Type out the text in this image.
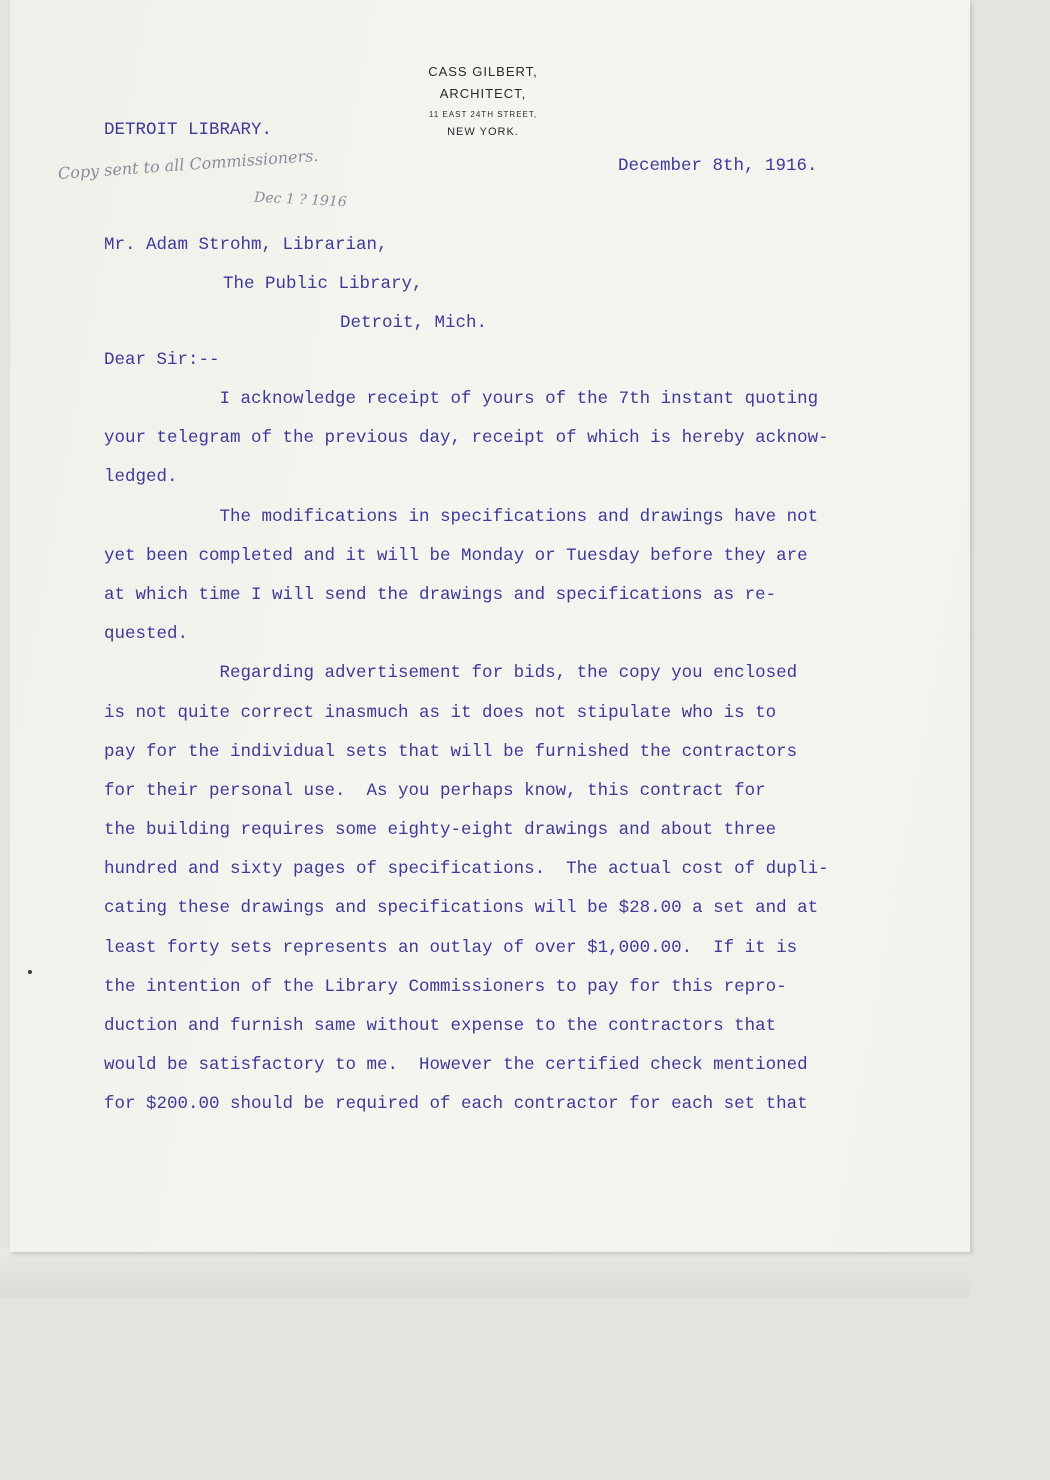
CASS GILBERT,
ARCHITECT,
11 EAST 24TH STREET,
NEW YORK.
DETROIT LIBRARY.
December 8th, 1916.
Copy sent to all Commissioners.
Dec 1 ? 1916
Mr. Adam Strohm, Librarian,
The Public Library,
Detroit, Mich.
Dear Sir:--
I acknowledge receipt of yours of the 7th instant quoting
your telegram of the previous day, receipt of which is hereby acknow-
ledged.
The modifications in specifications and drawings have not
yet been completed and it will be Monday or Tuesday before they are
at which time I will send the drawings and specifications as re-
quested.
Regarding advertisement for bids, the copy you enclosed
is not quite correct inasmuch as it does not stipulate who is to
pay for the individual sets that will be furnished the contractors
for their personal use.  As you perhaps know, this contract for
the building requires some eighty-eight drawings and about three
hundred and sixty pages of specifications.  The actual cost of dupli-
cating these drawings and specifications will be $28.00 a set and at
least forty sets represents an outlay of over $1,000.00.  If it is
the intention of the Library Commissioners to pay for this repro-
duction and furnish same without expense to the contractors that
would be satisfactory to me.  However the certified check mentioned
for $200.00 should be required of each contractor for each set that
